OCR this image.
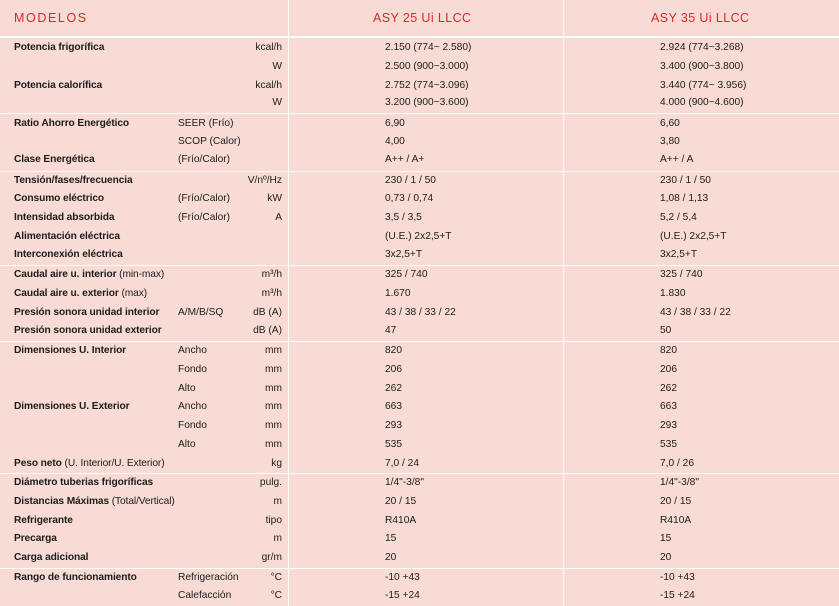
MODELOS	ASY 25 Ui LLCC	ASY 35 Ui LLCC
Potencia frigorífica	kcal/h	2.150 (774~ 2.580)	2.924 (774~3.268)
W	2.500 (900~3.000)	3.400 (900~3.800)
Potencia calorífica	kcal/h	2.752 (774~3.096)	3.440 (774~ 3.956)
W	3.200 (900~3.600)	4.000 (900~4.600)
Ratio Ahorro Energético	SEER (Frío)	6,90	6,60
SCOP (Calor)	4,00	3,80
Clase Energética	(Frío/Calor)	A++ / A+	A++ / A
Tensión/fases/frecuencia	V/nº/Hz	230 / 1 / 50	230 / 1 / 50
Consumo eléctrico	(Frío/Calor)	kW	0,73 / 0,74	1,08 / 1,13
Intensidad absorbida	(Frío/Calor)	A	3,5 / 3,5	5,2 / 5,4
Alimentación eléctrica	(U.E.) 2x2,5+T	(U.E.) 2x2,5+T
Interconexión eléctrica	3x2,5+T	3x2,5+T
Caudal aire u. interior (min-max)	m³/h	325 / 740	325 / 740
Caudal aire u. exterior (max)	m³/h	1.670	1.830
Presión sonora unidad interior A/M/B/SQ	dB (A)	43 / 38 / 33 / 22	43 / 38 / 33 / 22
Presión sonora unidad exterior	dB (A)	47	50
Dimensiones U. Interior	Ancho	mm	820	820
Fondo	mm	206	206
Alto	mm	262	262
Dimensiones U. Exterior	Ancho	mm	663	663
Fondo	mm	293	293
Alto	mm	535	535
Peso neto (U. Interior/U. Exterior)	kg	7,0 / 24	7,0 / 26
Diámetro tuberias frigoríficas	pulg.	1/4"-3/8"	1/4"-3/8"
Distancias Máximas (Total/Vertical)	m	20 / 15	20 / 15
Refrigerante	tipo	R410A	R410A
Precarga	m	15	15
Carga adicional	gr/m	20	20
Rango de funcionamiento	Refrigeración	°C	-10 +43	-10 +43
Calefacción	°C	-15 +24	-15 +24
